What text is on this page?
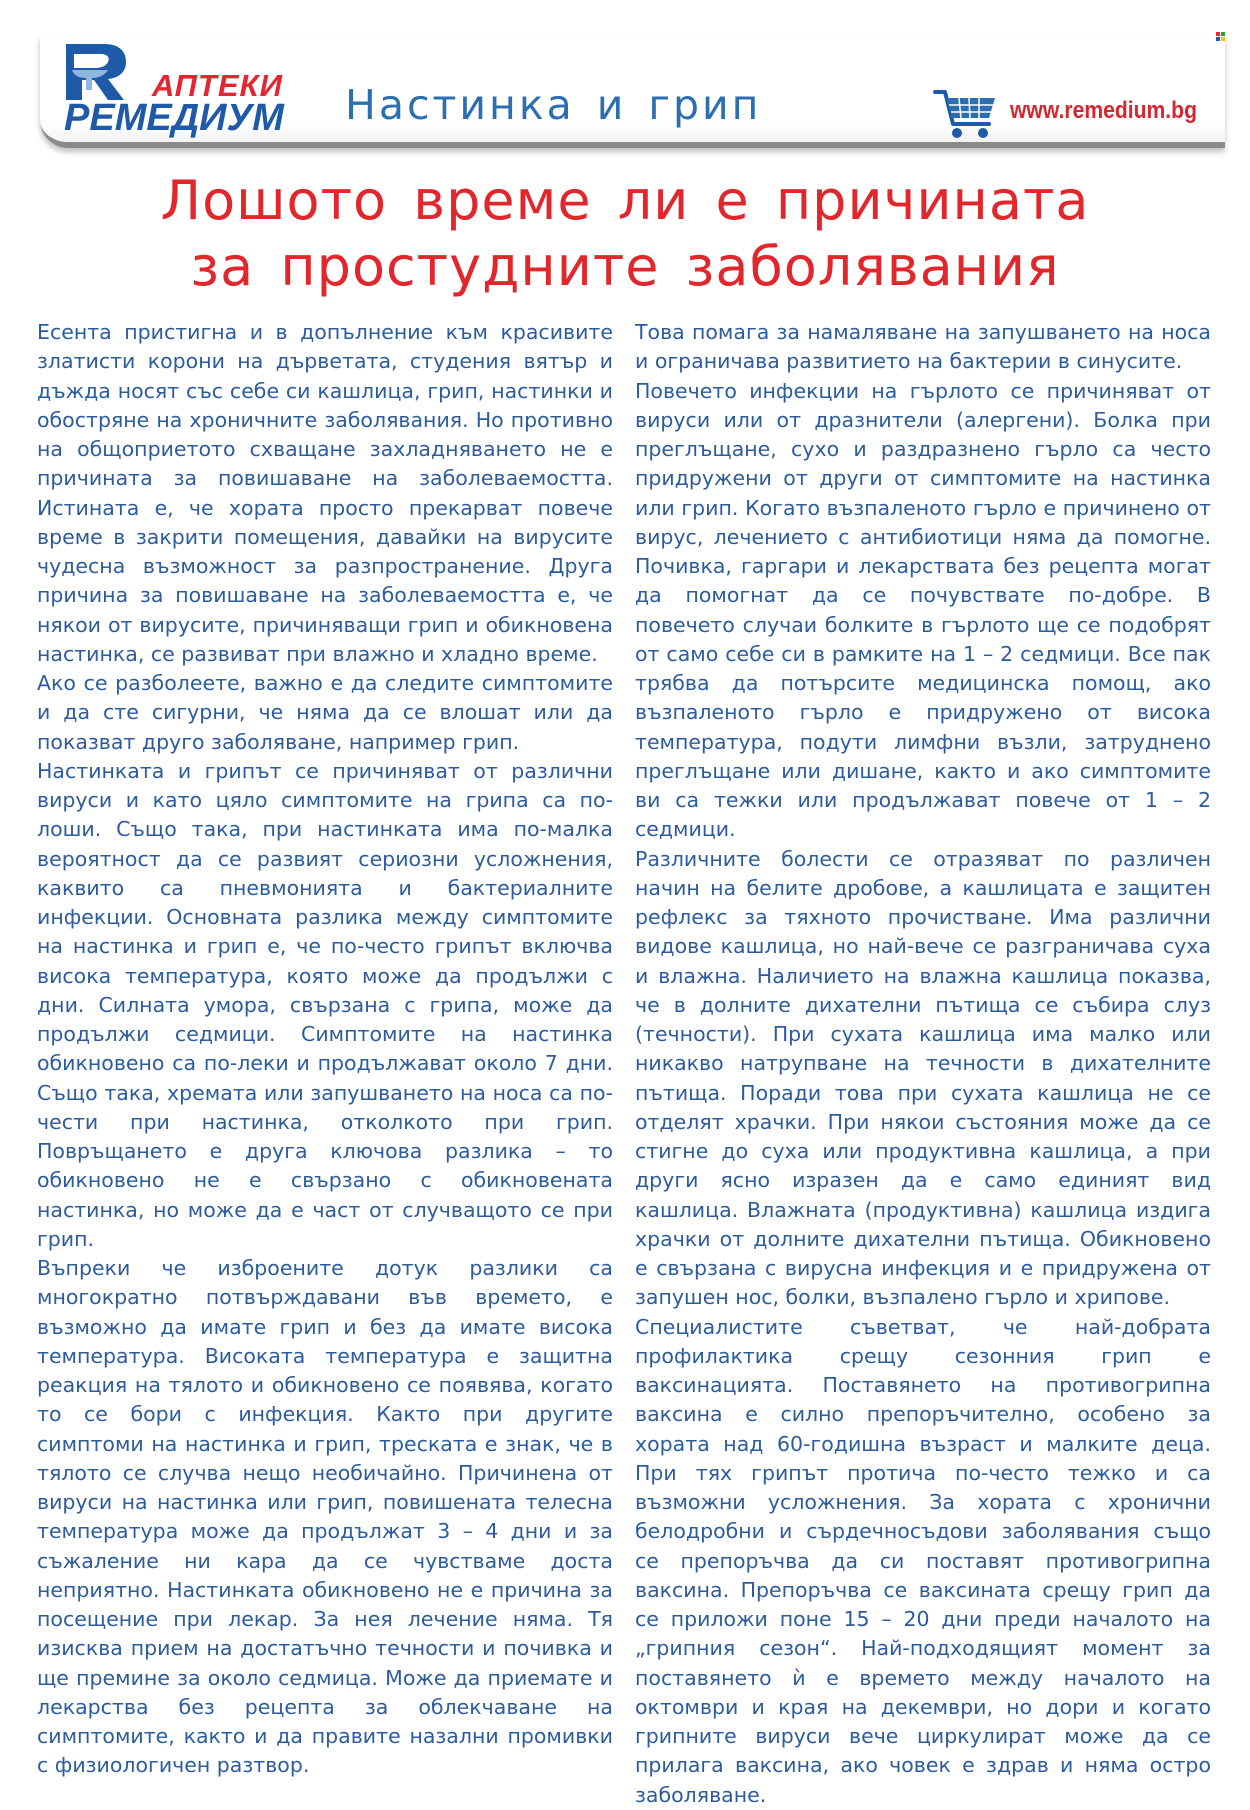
АПТЕКИ
РЕМЕДИУМ Настинка и грип	www.remedium.bg
Лошото време ли е причината
за простудните заболявания

Есента пристигна и в допълнение към красивите златисти корони на дърветата, студения вятър и дъжда носят със себе си кашлица, грип, настинки и обостряне на хроничните заболявания. Но противно на общоприетото схващане захладняването не е причината за повишаване на заболеваемостта. Истината е, че хората просто прекарват повече време в закрити помещения, давайки на вирусите чудесна възможност за разпространение. Друга причина за повишаване на заболеваемостта е, че някои от вирусите, причиняващи грип и обикновена настинка, се развиват при влажно и хладно време.

Ако се разболеете, важно е да следите симптомите и да сте сигурни, че няма да се влошат или да показват друго заболяване, например грип.

Настинката и грипът се причиняват от различни вируси и като цяло симптомите на грипа са по-лоши. Също така, при настинката има по-малка вероятност да се развият сериозни усложнения, каквито са пневмонията и бактериалните инфекции. Основната разлика между симптомите на настинка и грип е, че по-често грипът включва висока температура, която може да продължи с дни. Силната умора, свързана с грипа, може да продължи седмици. Симптомите на настинка обикновено са по-леки и продължават около 7 дни. Също така, хремата или запушването на носа са по-чести при настинка, отколкото при грип. Повръщането е друга ключова разлика – то обикновено не е свързано с обикновената настинка, но може да е част от случващото се при грип.

Въпреки че изброените дотук разлики са многократно потвърждавани във времето, е възможно да имате грип и без да имате висока температура. Високата температура е защитна реакция на тялото и обикновено се появява, когато то се бори с инфекция. Както при другите симптоми на настинка и грип, треската е знак, че в тялото се случва нещо необичайно. Причинена от вируси на настинка или грип, повишената телесна температура може да продължат 3 – 4 дни и за съжаление ни кара да се чувстваме доста неприятно. Настинката обикновено не е причина за посещение при лекар. За нея лечение няма. Тя изисква прием на достатъчно течности и почивка и ще премине за около седмица. Може да приемате и лекарства без рецепта за облекчаване на симптомите, както и да правите назални промивки с физиологичен разтвор.

Това помага за намаляване на запушването на носа и ограничава развитието на бактерии в синусите.

Повечето инфекции на гърлото се причиняват от вируси или от дразнители (алергени). Болка при преглъщане, сухо и раздразнено гърло са често придружени от други от симптомите на настинка или грип. Когато възпаленото гърло е причинено от вирус, лечението с антибиотици няма да помогне. Почивка, гаргари и лекарствата без рецепта могат да помогнат да се почувствате по-добре. В повечето случаи болките в гърлото ще се подобрят от само себе си в рамките на 1 – 2 седмици. Все пак трябва да потърсите медицинска помощ, ако възпаленото гърло е придружено от висока температура, подути лимфни възли, затруднено преглъщане или дишане, както и ако симптомите ви са тежки или продължават повече от 1 – 2 седмици.

Различните болести се отразяват по различен начин на белите дробове, а кашлицата е защитен рефлекс за тяхното прочистване. Има различни видове кашлица, но най-вече се разграничава суха и влажна. Наличието на влажна кашлица показва, че в долните дихателни пътища се събира слуз (течности). При сухата кашлица има малко или никакво натрупване на течности в дихателните пътища. Поради това при сухата кашлица не се отделят храчки. При някои състояния може да се стигне до суха или продуктивна кашлица, а при други ясно изразен да е само единият вид кашлица. Влажната (продуктивна) кашлица издига храчки от долните дихателни пътища. Обикновено е свързана с вирусна инфекция и е придружена от запушен нос, болки, възпалено гърло и хрипове.

Специалистите съветват, че най-добрата профилактика срещу сезонния грип е ваксинацията. Поставянето на противогрипна ваксина е силно препоръчително, особено за хората над 60-годишна възраст и малките деца. При тях грипът протича по-често тежко и са възможни усложнения. За хората с хронични белодробни и сърдечносъдови заболявания също се препоръчва да си поставят противогрипна ваксина. Препоръчва се ваксината срещу грип да се приложи поне 15 – 20 дни преди началото на „грипния сезон“. Най-подходящият момент за поставянето ѝ е времето между началото на октомври и края на декември, но дори и когато грипните вируси вече циркулират може да се прилага ваксина, ако човек е здрав и няма остро заболяване.
